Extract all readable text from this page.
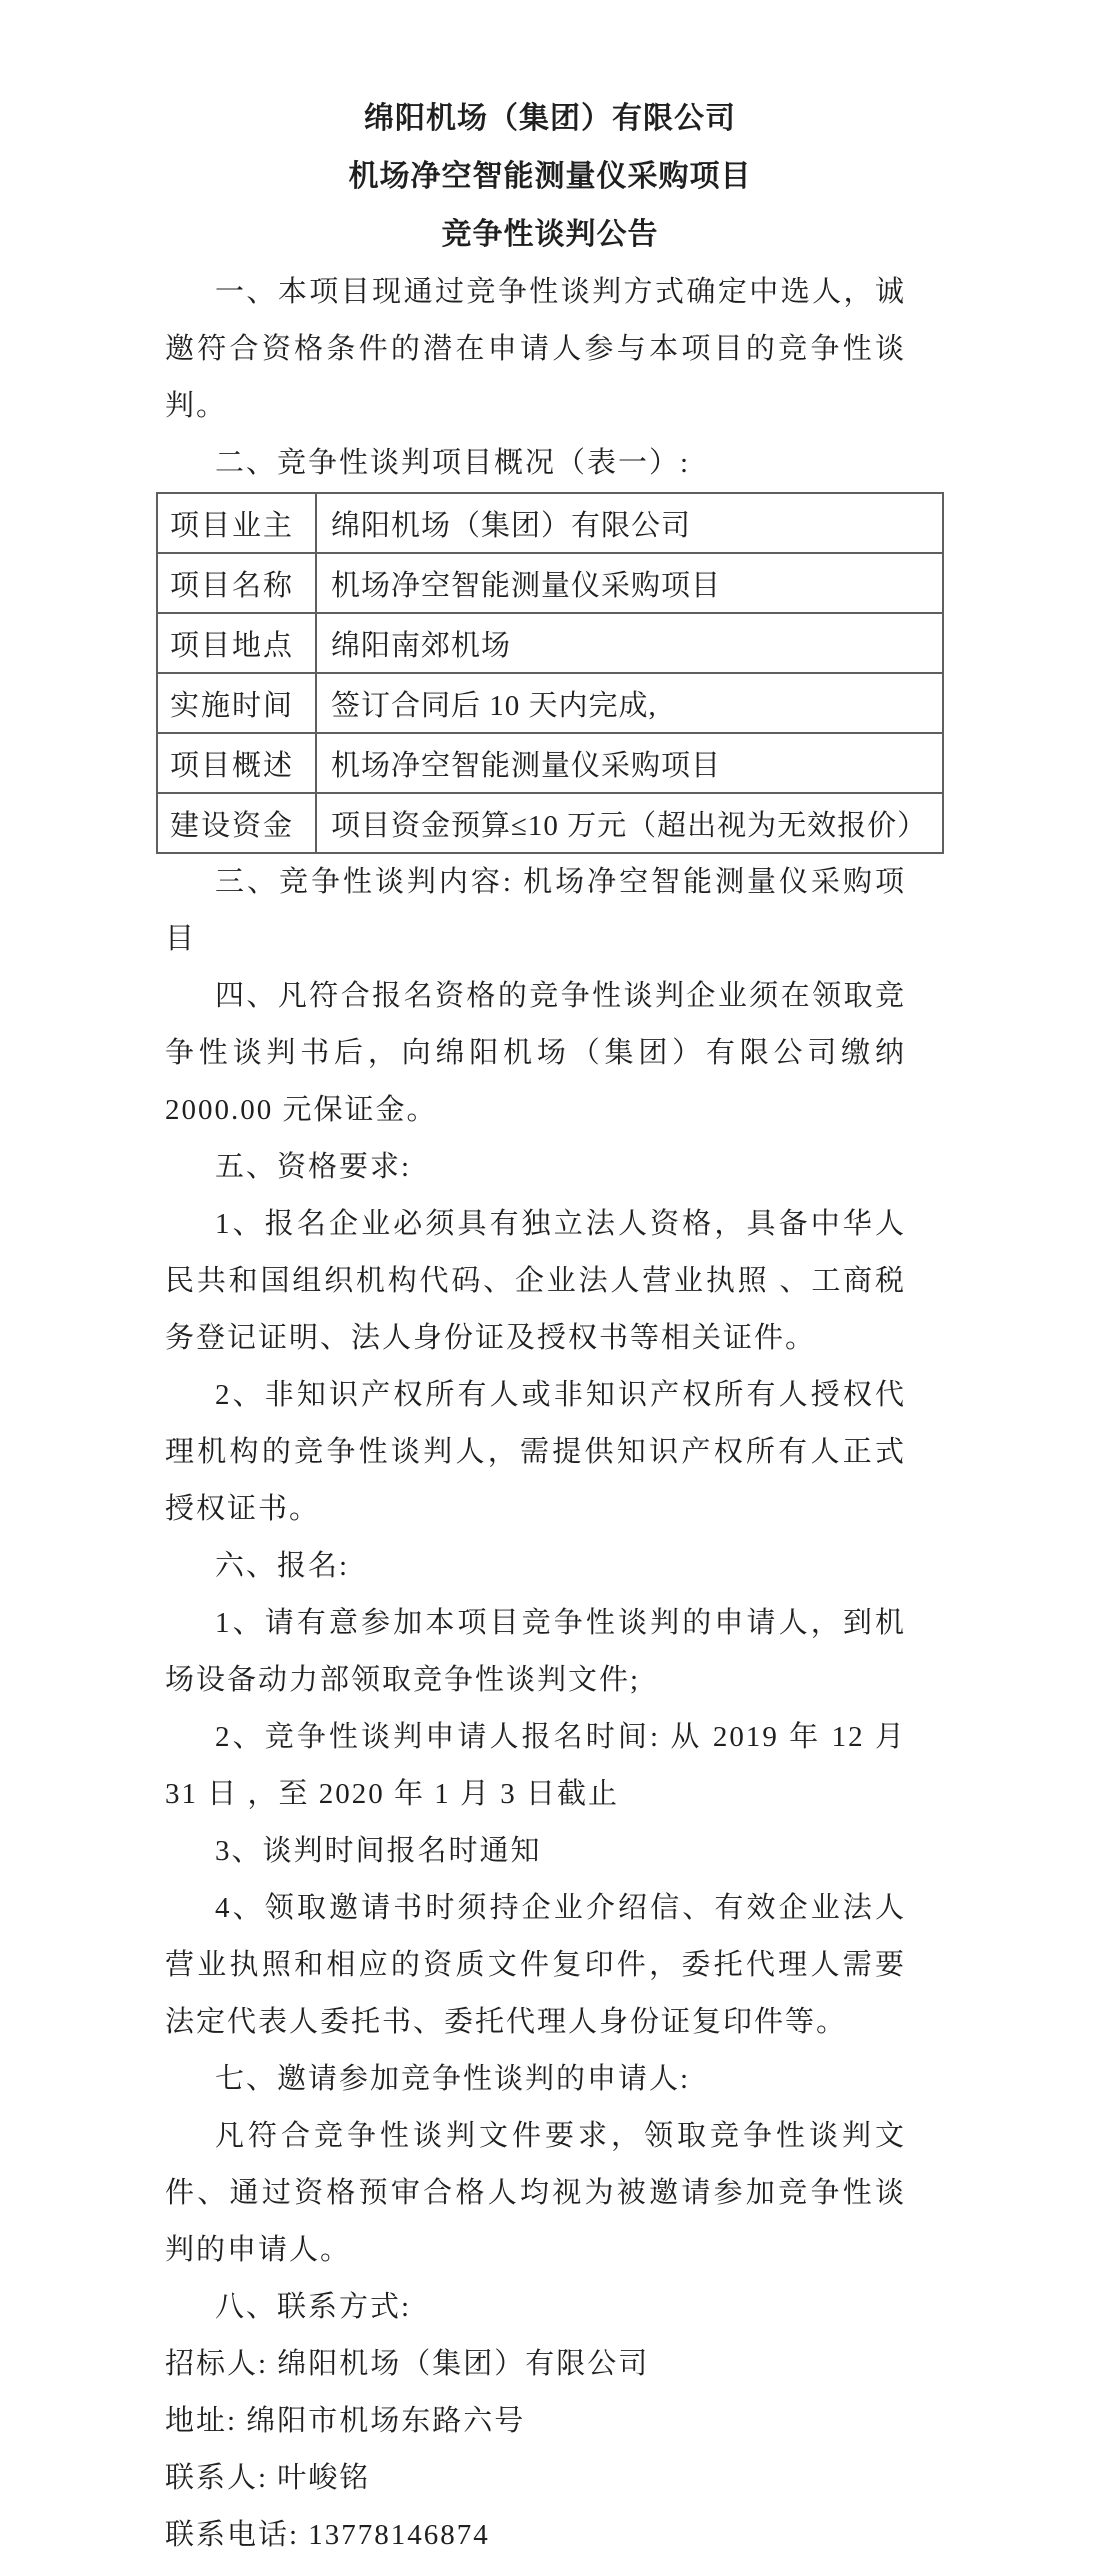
绵阳机场（集团）有限公司
机场净空智能测量仪采购项目
竞争性谈判公告

一、本项目现通过竞争性谈判方式确定中选人，诚邀符合资格条件的潜在申请人参与本项目的竞争性谈判。

二、竞争性谈判项目概况（表一）:

项目业主	绵阳机场（集团）有限公司
项目名称	机场净空智能测量仪采购项目
项目地点	绵阳南郊机场
实施时间	签订合同后 10 天内完成,
项目概述	机场净空智能测量仪采购项目
建设资金	项目资金预算≤10 万元（超出视为无效报价）

三、竞争性谈判内容: 机场净空智能测量仪采购项目

四、凡符合报名资格的竞争性谈判企业须在领取竞争性谈判书后，向绵阳机场（集团）有限公司缴纳 2000.00 元保证金。

五、资格要求:

1、报名企业必须具有独立法人资格，具备中华人民共和国组织机构代码、企业法人营业执照 、工商税务登记证明、法人身份证及授权书等相关证件。

2、非知识产权所有人或非知识产权所有人授权代理机构的竞争性谈判人，需提供知识产权所有人正式授权证书。

六、报名:

1、请有意参加本项目竞争性谈判的申请人，到机场设备动力部领取竞争性谈判文件;

2、竞争性谈判申请人报名时间: 从 2019 年 12 月 31 日 ，至 2020 年 1 月 3 日截止

3、谈判时间报名时通知

4、领取邀请书时须持企业介绍信、有效企业法人营业执照和相应的资质文件复印件，委托代理人需要法定代表人委托书、委托代理人身份证复印件等。

七、邀请参加竞争性谈判的申请人:

凡符合竞争性谈判文件要求，领取竞争性谈判文件、通过资格预审合格人均视为被邀请参加竞争性谈判的申请人。

八、联系方式:

招标人: 绵阳机场（集团）有限公司

地址: 绵阳市机场东路六号

联系人: 叶峻铭

联系电话: 13778146874
